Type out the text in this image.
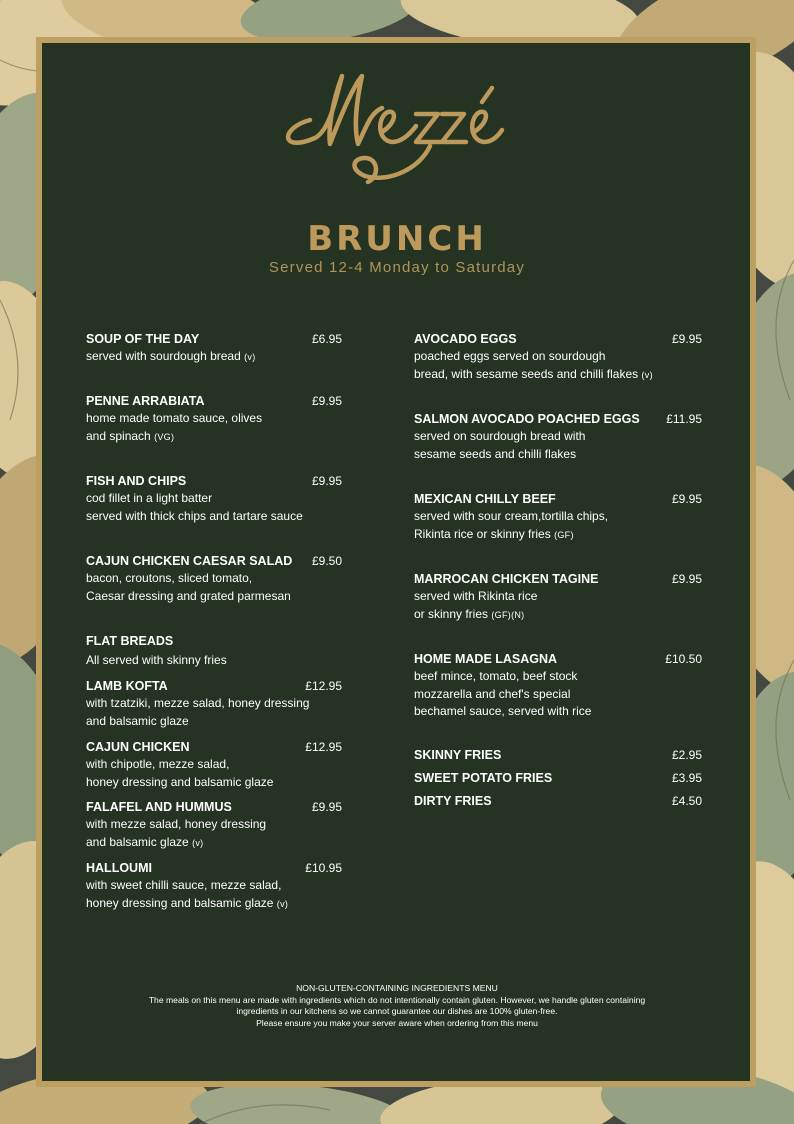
BRUNCH
Served 12-4 Monday to Saturday
SOUP OF THE DAY	£6.95
served with sourdough bread (v)
PENNE ARRABIATA	£9.95
home made tomato sauce, olives
and spinach (VG)
FISH AND CHIPS	£9.95
cod fillet in a light batter
served with thick chips and tartare sauce
CAJUN CHICKEN CAESAR SALAD	£9.50
bacon, croutons, sliced tomato,
Caesar dressing and grated parmesan
FLAT BREADS
All served with skinny fries
LAMB KOFTA	£12.95
with tzatziki, mezze salad, honey dressing
and balsamic glaze
CAJUN CHICKEN	£12.95
with chipotle, mezze salad,
honey dressing and balsamic glaze
FALAFEL AND HUMMUS	£9.95
with mezze salad, honey dressing
and balsamic glaze (v)
HALLOUMI	£10.95
with sweet chilli sauce, mezze salad,
honey dressing and balsamic glaze (v)
AVOCADO EGGS	£9.95
poached eggs served on sourdough
bread, with sesame seeds and chilli flakes (v)
SALMON AVOCADO POACHED EGGS	£11.95
served on sourdough bread with
sesame seeds and chilli flakes
MEXICAN CHILLY BEEF	£9.95
served with sour cream,tortilla chips,
Rikinta rice or skinny fries (GF)
MARROCAN CHICKEN TAGINE	£9.95
served with Rikinta rice
or skinny fries (GF)(N)
HOME MADE LASAGNA	£10.50
beef mince, tomato, beef stock
mozzarella and chef's special
bechamel sauce, served with rice
SKINNY FRIES	£2.95
SWEET POTATO FRIES	£3.95
DIRTY FRIES	£4.50
NON-GLUTEN-CONTAINING INGREDIENTS MENU
The meals on this menu are made with ingredients which do not intentionally contain gluten. However, we handle gluten containing
ingredients in our kitchens so we cannot guarantee our dishes are 100% gluten-free.
Please ensure you make your server aware when ordering from this menu
